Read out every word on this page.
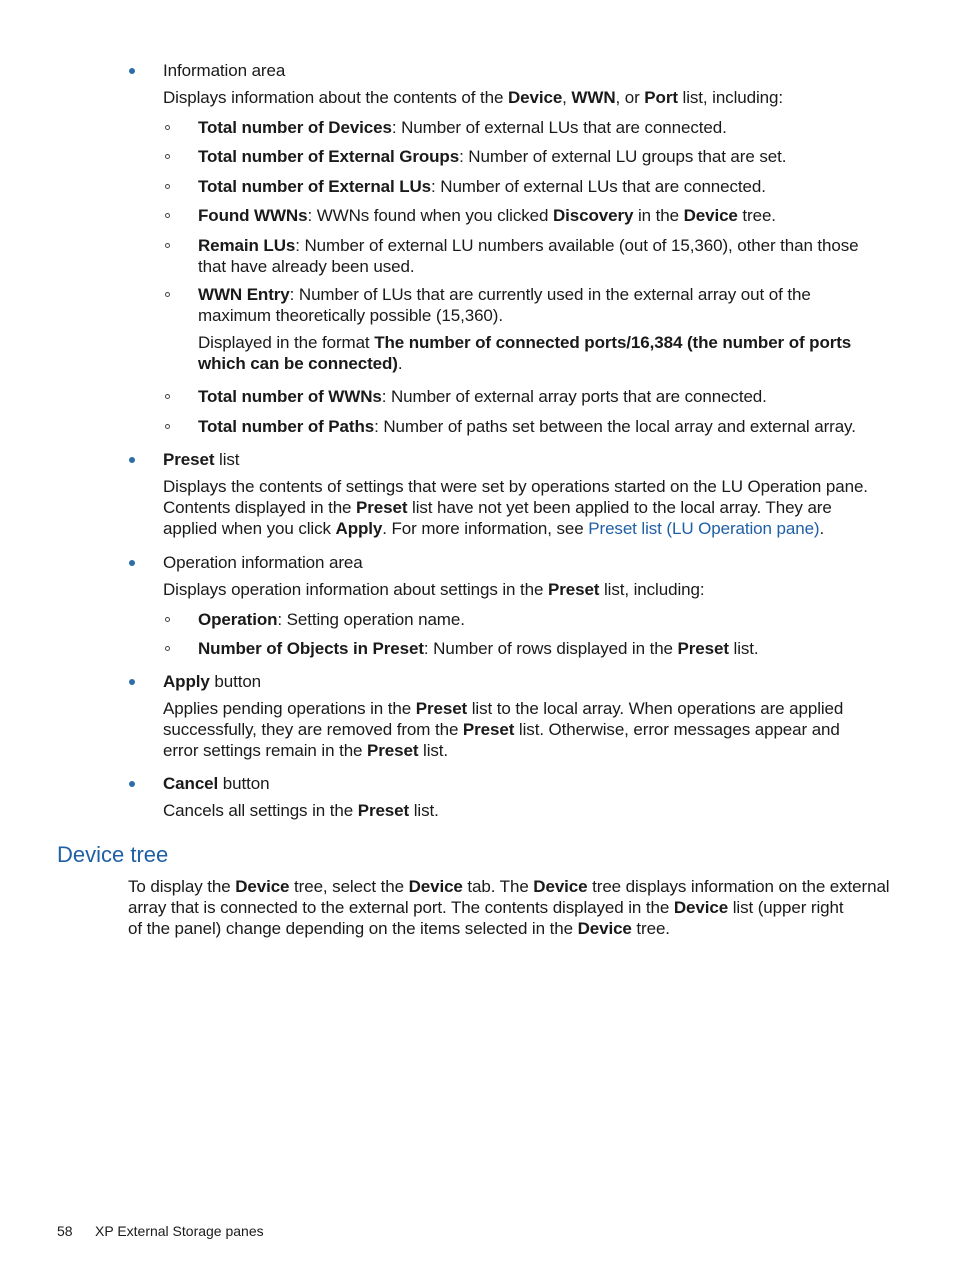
Information area
Displays information about the contents of the Device, WWN, or Port list, including:
Total number of Devices: Number of external LUs that are connected.
Total number of External Groups: Number of external LU groups that are set.
Total number of External LUs: Number of external LUs that are connected.
Found WWNs: WWNs found when you clicked Discovery in the Device tree.
Remain LUs: Number of external LU numbers available (out of 15,360), other than those
that have already been used.
WWN Entry: Number of LUs that are currently used in the external array out of the
maximum theoretically possible (15,360).
Displayed in the format The number of connected ports/16,384 (the number of ports
which can be connected).
Total number of WWNs: Number of external array ports that are connected.
Total number of Paths: Number of paths set between the local array and external array.
Preset list
Displays the contents of settings that were set by operations started on the LU Operation pane.
Contents displayed in the Preset list have not yet been applied to the local array. They are
applied when you click Apply. For more information, see Preset list (LU Operation pane).
Operation information area
Displays operation information about settings in the Preset list, including:
Operation: Setting operation name.
Number of Objects in Preset: Number of rows displayed in the Preset list.
Apply button
Applies pending operations in the Preset list to the local array. When operations are applied
successfully, they are removed from the Preset list. Otherwise, error messages appear and
error settings remain in the Preset list.
Cancel button
Cancels all settings in the Preset list.
Device tree
To display the Device tree, select the Device tab. The Device tree displays information on the external
array that is connected to the external port. The contents displayed in the Device list (upper right
of the panel) change depending on the items selected in the Device tree.
58 XP External Storage panes
